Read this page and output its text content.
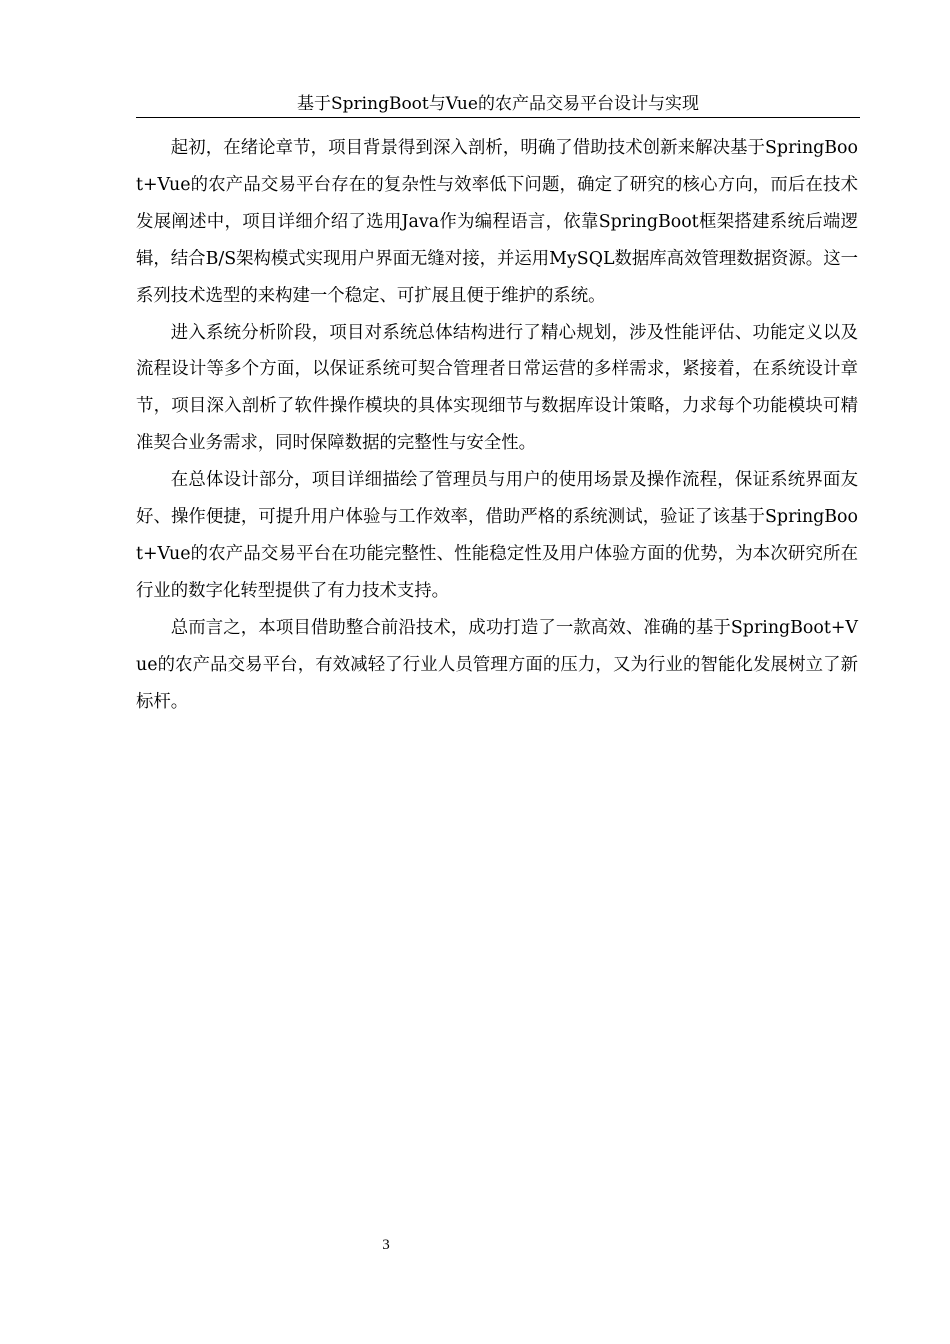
基于SpringBoot与Vue的农产品交易平台设计与实现

起初，在绪论章节，项目背景得到深入剖析，明确了借助技术创新来解决基于SpringBoot+Vue的农产品交易平台存在的复杂性与效率低下问题，确定了研究的核心方向，而后在技术发展阐述中，项目详细介绍了选用Java作为编程语言，依靠SpringBoot框架搭建系统后端逻辑，结合B/S架构模式实现用户界面无缝对接，并运用MySQL数据库高效管理数据资源。这一系列技术选型的来构建一个稳定、可扩展且便于维护的系统。

进入系统分析阶段，项目对系统总体结构进行了精心规划，涉及性能评估、功能定义以及流程设计等多个方面，以保证系统可契合管理者日常运营的多样需求，紧接着，在系统设计章节，项目深入剖析了软件操作模块的具体实现细节与数据库设计策略，力求每个功能模块可精准契合业务需求，同时保障数据的完整性与安全性。

在总体设计部分，项目详细描绘了管理员与用户的使用场景及操作流程，保证系统界面友好、操作便捷，可提升用户体验与工作效率，借助严格的系统测试，验证了该基于SpringBoot+Vue的农产品交易平台在功能完整性、性能稳定性及用户体验方面的优势，为本次研究所在行业的数字化转型提供了有力技术支持。

总而言之，本项目借助整合前沿技术，成功打造了一款高效、准确的基于SpringBoot+Vue的农产品交易平台，有效减轻了行业人员管理方面的压力，又为行业的智能化发展树立了新标杆。

3
